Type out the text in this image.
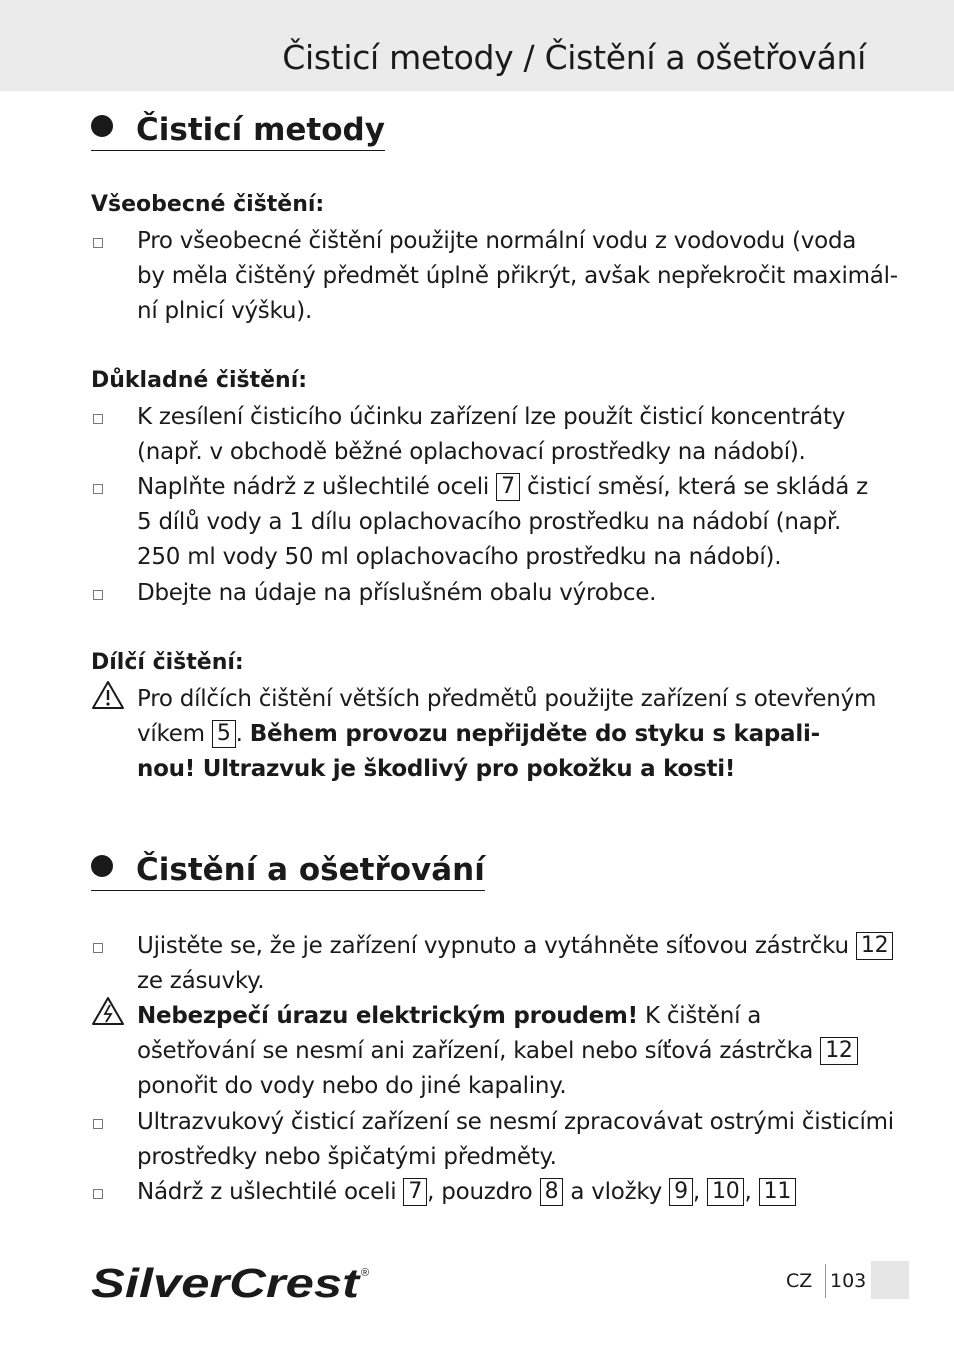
Čisticí metody / Čistění a ošetřování
Čisticí metody
Všeobecné čištění:
Pro všeobecné čištění použijte normální vodu z vodovodu (voda
by měla čištěný předmět úplně přikrýt, avšak nepřekročit maximál-
ní plnicí výšku).
Důkladné čištění:
K zesílení čisticího účinku zařízení lze použít čisticí koncentráty
(např. v obchodě běžné oplachovací prostředky na nádobí).
Naplňte nádrž z ušlechtilé oceli 7 čisticí směsí, která se skládá z
5 dílů vody a 1 dílu oplachovacího prostředku na nádobí (např.
250 ml vody 50 ml oplachovacího prostředku na nádobí).
Dbejte na údaje na příslušném obalu výrobce.
Dílčí čištění:
Pro dílčích čištění větších předmětů použijte zařízení s otevřeným
víkem 5 . Během provozu nepřijděte do styku s kapali-
nou! Ultrazvuk je škodlivý pro pokožku a kosti!
Čistění a ošetřování
Ujistěte se, že je zařízení vypnuto a vytáhněte síťovou zástrčku 12
ze zásuvky.
Nebezpečí úrazu elektrickým proudem! K čištění a
ošetřování se nesmí ani zařízení, kabel nebo síťová zástrčka 12
ponořit do vody nebo do jiné kapaliny.
Ultrazvukový čisticí zařízení se nesmí zpracovávat ostrými čisticími
prostředky nebo špičatými předměty.
Nádrž z ušlechtilé oceli 7 , pouzdro 8 a vložky 9 , 10 , 11
SilverCrest ®	CZ 103
